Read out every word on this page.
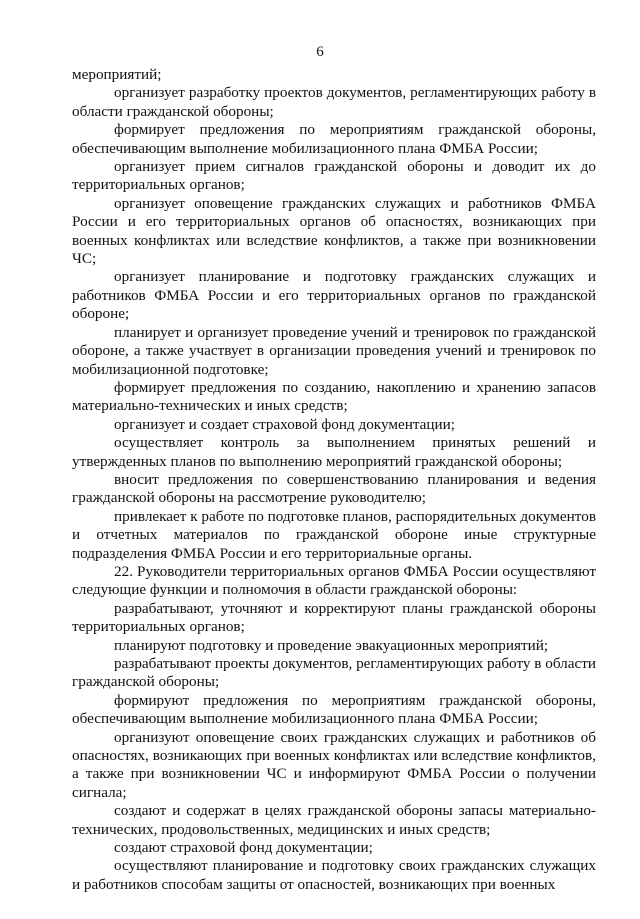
6

мероприятий;

организует разработку проектов документов, регламентирующих работу в области гражданской обороны;

формирует предложения по мероприятиям гражданской обороны, обеспечивающим выполнение мобилизационного плана ФМБА России;

организует прием сигналов гражданской обороны и доводит их до территориальных органов;

организует оповещение гражданских служащих и работников ФМБА России и его территориальных органов об опасностях, возникающих при военных конфликтах или вследствие конфликтов, а также при возникновении ЧС;

организует планирование и подготовку гражданских служащих и работников ФМБА России и его территориальных органов по гражданской обороне;

планирует и организует проведение учений и тренировок по гражданской обороне, а также участвует в организации проведения учений и тренировок по мобилизационной подготовке;

формирует предложения по созданию, накоплению и хранению запасов материально-технических и иных средств;

организует и создает страховой фонд документации;

осуществляет контроль за выполнением принятых решений и утвержденных планов по выполнению мероприятий гражданской обороны;

вносит предложения по совершенствованию планирования и ведения гражданской обороны на рассмотрение руководителю;

привлекает к работе по подготовке планов, распорядительных документов и отчетных материалов по гражданской обороне иные структурные подразделения ФМБА России и его территориальные органы.

22. Руководители территориальных органов ФМБА России осуществляют следующие функции и полномочия в области гражданской обороны:

разрабатывают, уточняют и корректируют планы гражданской обороны территориальных органов;

планируют подготовку и проведение эвакуационных мероприятий;

разрабатывают проекты документов, регламентирующих работу в области гражданской обороны;

формируют предложения по мероприятиям гражданской обороны, обеспечивающим выполнение мобилизационного плана ФМБА России;

организуют оповещение своих гражданских служащих и работников об опасностях, возникающих при военных конфликтах или вследствие конфликтов, а также при возникновении ЧС и информируют ФМБА России о получении сигнала;

создают и содержат в целях гражданской обороны запасы материально-технических, продовольственных, медицинских и иных средств;

создают страховой фонд документации;

осуществляют планирование и подготовку своих гражданских служащих и работников способам защиты от опасностей, возникающих при военных
